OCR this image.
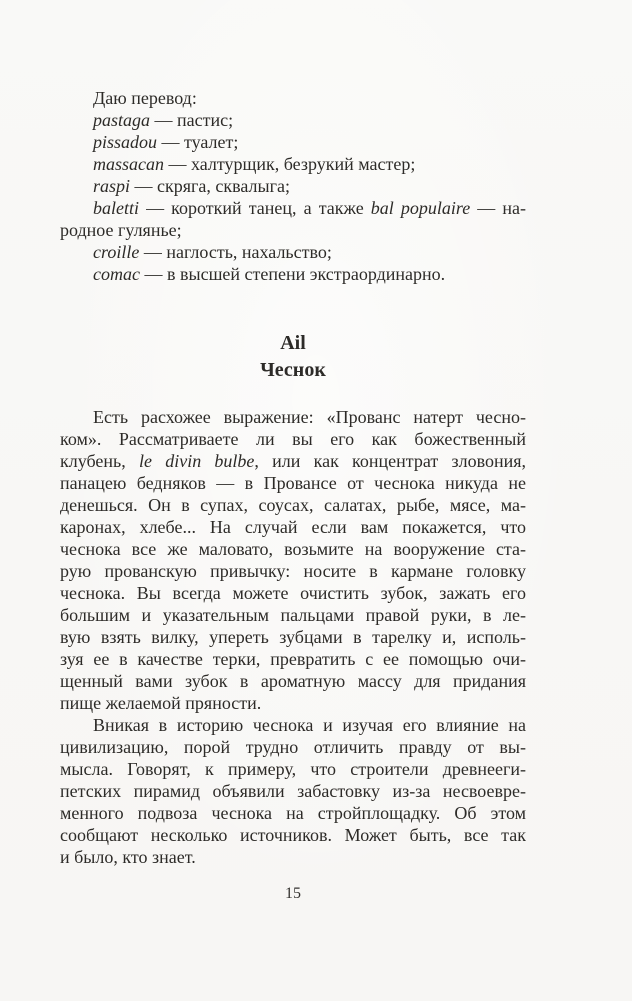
Даю перевод:
pastaga — пастис;
pissadou — туалет;
massacan — халтурщик, безрукий мастер;
raspi — скряга, сквалыга;
baletti — короткий танец, а также bal populaire — на-
родное гулянье;
croille — наглость, нахальство;
comac — в высшей степени экстраординарно.
Ail
Чеснок
Есть расхожее выражение: «Прованс натерт чесно-
ком». Рассматриваете ли вы его как божественный
клубень, le divin bulbe, или как концентрат зловония,
панацею бедняков — в Провансе от чеснока никуда не
денешься. Он в супах, соусах, салатах, рыбе, мясе, ма-
каронах, хлебе... На случай если вам покажется, что
чеснока все же маловато, возьмите на вооружение ста-
рую прованскую привычку: носите в кармане головку
чеснока. Вы всегда можете очистить зубок, зажать его
большим и указательным пальцами правой руки, в ле-
вую взять вилку, упереть зубцами в тарелку и, исполь-
зуя ее в качестве терки, превратить с ее помощью очи-
щенный вами зубок в ароматную массу для придания
пище желаемой пряности.
Вникая в историю чеснока и изучая его влияние на
цивилизацию, порой трудно отличить правду от вы-
мысла. Говорят, к примеру, что строители древнееги-
петских пирамид объявили забастовку из-за несвоевре-
менного подвоза чеснока на стройплощадку. Об этом
сообщают несколько источников. Может быть, все так
и было, кто знает.
15
